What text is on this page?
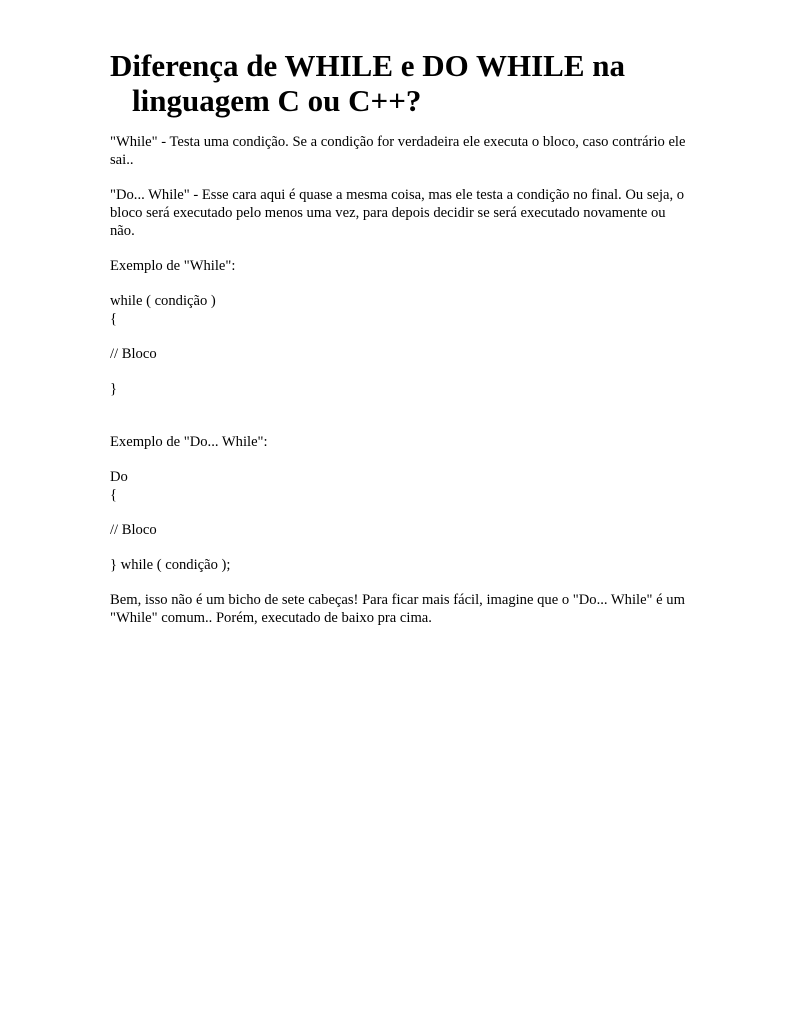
Diferença de WHILE e DO WHILE na linguagem C ou C++?

"While" - Testa uma condição. Se a condição for verdadeira ele executa o bloco, caso contrário ele sai..

"Do... While" - Esse cara aqui é quase a mesma coisa, mas ele testa a condição no final. Ou seja, o bloco será executado pelo menos uma vez, para depois decidir se será executado novamente ou não.

Exemplo de "While":

while ( condição )
{

// Bloco

}

Exemplo de "Do... While":

Do
{

// Bloco

} while ( condição );

Bem, isso não é um bicho de sete cabeças! Para ficar mais fácil, imagine que o "Do... While" é um "While" comum.. Porém, executado de baixo pra cima.
